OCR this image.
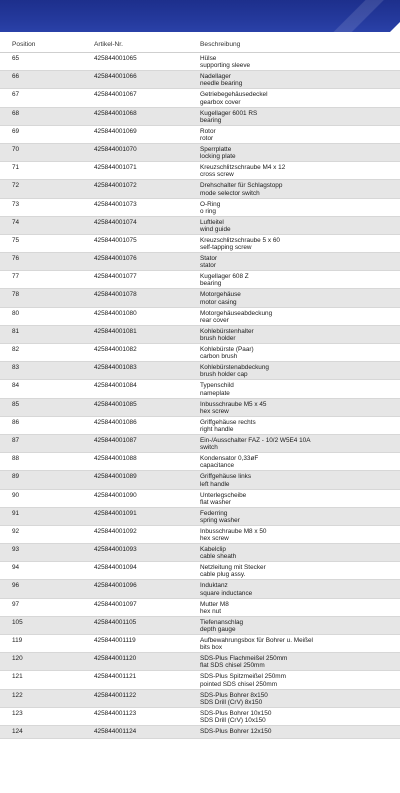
Position	Artikel-Nr.	Beschreibung
65	425844001065	Hülse
supporting sleeve
66	425844001066	Nadellager
needle bearing
67	425844001067	Getriebegehäusedeckel
gearbox cover
68	425844001068	Kugellager 6001 RS
bearing
69	425844001069	Rotor
rotor
70	425844001070	Sperrplatte
locking plate
71	425844001071	Kreuzschlitzschraube M4 x 12
cross screw
72	425844001072	Drehschalter für Schlagstopp
mode selector switch
73	425844001073	O-Ring
o ring
74	425844001074	Luftleitel
wind guide
75	425844001075	Kreuzschlitzschraube 5 x 60
self-tapping screw
76	425844001076	Stator
stator
77	425844001077	Kugellager 608 Z
bearing
78	425844001078	Motorgehäuse
motor casing
80	425844001080	Motorgehäuseabdeckung
rear cover
81	425844001081	Kohlebürstenhalter
brush holder
82	425844001082	Kohlebürste (Paar)
carbon brush
83	425844001083	Kohlebürstenabdeckung
brush holder cap
84	425844001084	Typenschild
nameplate
85	425844001085	Inbusschraube M5 x 45
hex screw
86	425844001086	Griffgehäuse rechts
right handle
87	425844001087	Ein-/Ausschalter FAZ - 10/2 W5E4 10A
switch
88	425844001088	Kondensator 0,33øF
capacitance
89	425844001089	Griffgehäuse links
left handle
90	425844001090	Unterlegscheibe
flat washer
91	425844001091	Federring
spring washer
92	425844001092	Inbusschraube M8 x 50
hex screw
93	425844001093	Kabelclip
cable sheath
94	425844001094	Netzleitung mit Stecker
cable plug assy.
96	425844001096	Induktanz
square inductance
97	425844001097	Mutter M8
hex nut
105	425844001105	Tiefenanschlag
depth gauge
119	425844001119	Aufbewahrungsbox für Bohrer u. Meißel
bits box
120	425844001120	SDS-Plus Flachmeißel 250mm
flat SDS chisel 250mm
121	425844001121	SDS-Plus Spitzmeißel 250mm
pointed SDS chisel 250mm
122	425844001122	SDS-Plus Bohrer 8x150
SDS Drill (CrV) 8x150
123	425844001123	SDS-Plus Bohrer 10x150
SDS Drill (CrV) 10x150
124	425844001124	SDS-Plus Bohrer 12x150
